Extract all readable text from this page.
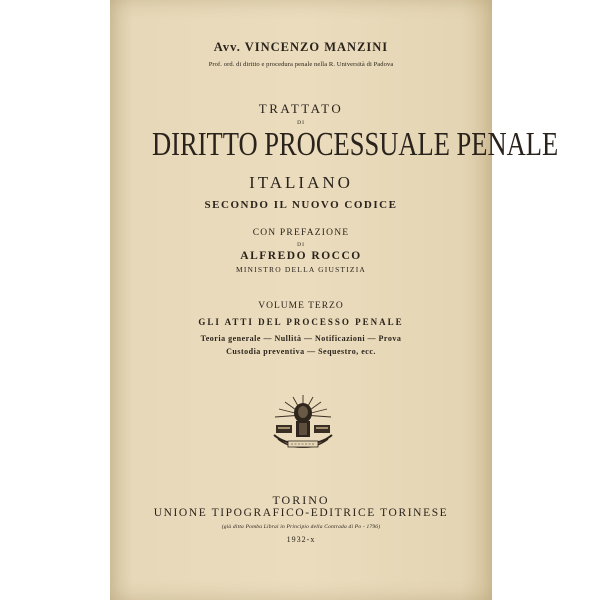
Avv. VINCENZO MANZINI
Prof. ord. di diritto e procedura penale nella R. Università di Padova
TRATTATO
DI
DIRITTO PROCESSUALE PENALE
ITALIANO
SECONDO IL NUOVO CODICE
CON PREFAZIONE
DI
ALFREDO ROCCO
MINISTRO DELLA GIUSTIZIA
VOLUME TERZO
GLI ATTI DEL PROCESSO PENALE
Teoria generale — Nullità — Notificazioni — Prova
Custodia preventiva — Sequestro, ecc.
TORINO
UNIONE TIPOGRAFICO-EDITRICE TORINESE
(già ditta Pomba Librai in Principio della Contrada di Po - 1796)
1932-x
